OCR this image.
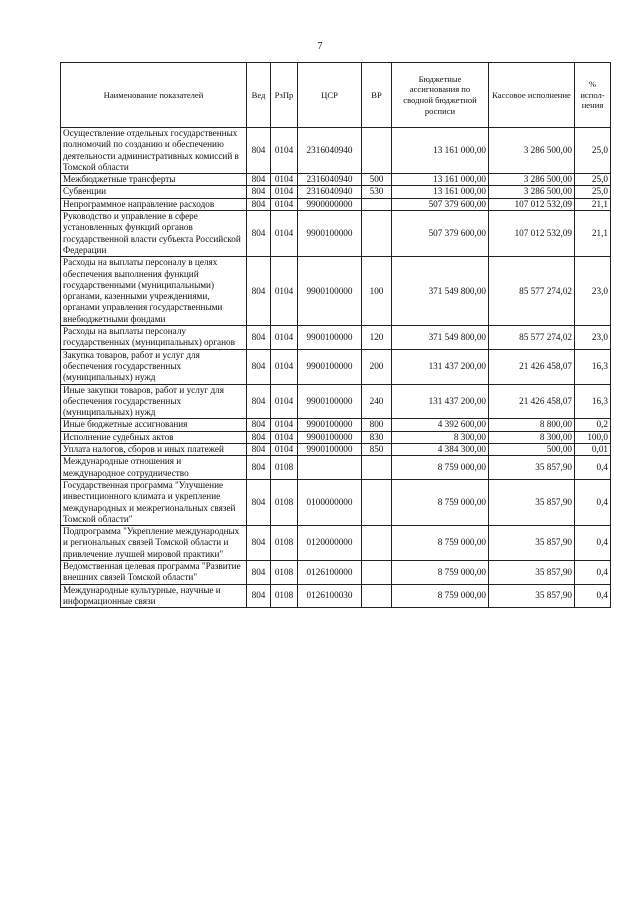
7
Наименование показателей	Вед	РзПр	ЦСР	ВР	Бюджетные ассигнования по сводной бюджетной росписи	Кассовое исполнение	% испол-нения
Осуществление отдельных государственных полномочий по созданию и обеспечению деятельности административных комиссий в Томской области	804	0104	2316040940		13 161 000,00	3 286 500,00	25,0
Межбюджетные трансферты	804	0104	2316040940	500	13 161 000,00	3 286 500,00	25,0
Субвенции	804	0104	2316040940	530	13 161 000,00	3 286 500,00	25,0
Непрограммное направление расходов	804	0104	9900000000		507 379 600,00	107 012 532,09	21,1
Руководство и управление в сфере установленных функций органов государственной власти субъекта Российской Федерации	804	0104	9900100000		507 379 600,00	107 012 532,09	21,1
Расходы на выплаты персоналу в целях обеспечения выполнения функций государственными (муниципальными) органами, казенными учреждениями, органами управления государственными внебюджетными фондами	804	0104	9900100000	100	371 549 800,00	85 577 274,02	23,0
Расходы на выплаты персоналу государственных (муниципальных) органов	804	0104	9900100000	120	371 549 800,00	85 577 274,02	23,0
Закупка товаров, работ и услуг для обеспечения государственных (муниципальных) нужд	804	0104	9900100000	200	131 437 200,00	21 426 458,07	16,3
Иные закупки товаров, работ и услуг для обеспечения государственных (муниципальных) нужд	804	0104	9900100000	240	131 437 200,00	21 426 458,07	16,3
Иные бюджетные ассигнования	804	0104	9900100000	800	4 392 600,00	8 800,00	0,2
Исполнение судебных актов	804	0104	9900100000	830	8 300,00	8 300,00	100,0
Уплата налогов, сборов и иных платежей	804	0104	9900100000	850	4 384 300,00	500,00	0,01
Международные отношения и международное сотрудничество	804	0108			8 759 000,00	35 857,90	0,4
Государственная программа "Улучшение инвестиционного климата и укрепление международных и межрегиональных связей Томской области"	804	0108	0100000000		8 759 000,00	35 857,90	0,4
Подпрограмма "Укрепление международных и региональных связей Томской области и привлечение лучшей мировой практики"	804	0108	0120000000		8 759 000,00	35 857,90	0,4
Ведомственная целевая программа "Развитие внешних связей Томской области"	804	0108	0126100000		8 759 000,00	35 857,90	0,4
Международные культурные, научные и информационные связи	804	0108	0126100030		8 759 000,00	35 857,90	0,4
